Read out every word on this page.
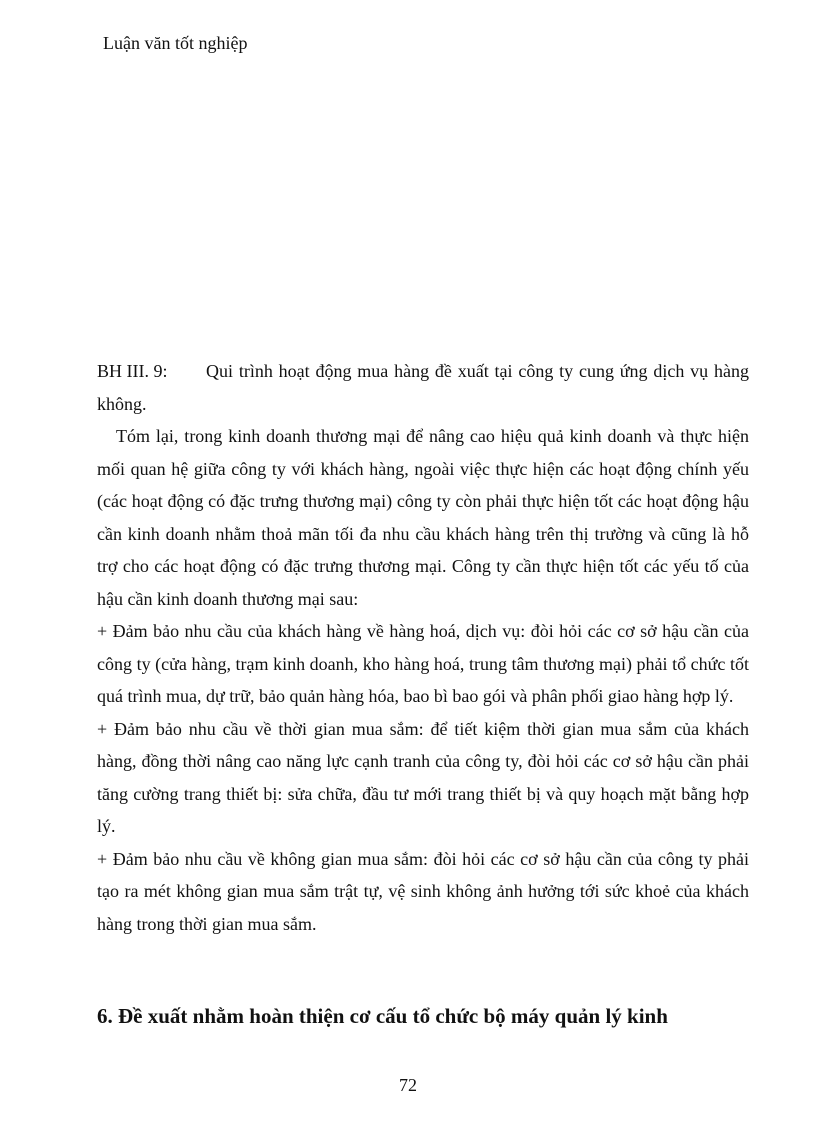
Luận văn tốt nghiệp

BH III. 9: Qui trình hoạt động mua hàng đề xuất tại công ty cung ứng dịch vụ hàng không.

Tóm lại, trong kinh doanh thương mại để nâng cao hiệu quả kinh doanh và thực hiện mối quan hệ giữa công ty với khách hàng, ngoài việc thực hiện các hoạt động chính yếu (các hoạt động có đặc trưng thương mại) công ty còn phải thực hiện tốt các hoạt động hậu cần kinh doanh nhằm thoả mãn tối đa nhu cầu khách hàng trên thị trường và cũng là hỗ trợ cho các hoạt động có đặc trưng thương mại. Công ty cần thực hiện tốt các yếu tố của hậu cần kinh doanh thương mại sau:

+ Đảm bảo nhu cầu của khách hàng về hàng hoá, dịch vụ: đòi hỏi các cơ sở hậu cần của công ty (cửa hàng, trạm kinh doanh, kho hàng hoá, trung tâm thương mại) phải tổ chức tốt quá trình mua, dự trữ, bảo quản hàng hóa, bao bì bao gói và phân phối giao hàng hợp lý.

+ Đảm bảo nhu cầu về thời gian mua sắm: để tiết kiệm thời gian mua sắm của khách hàng, đồng thời nâng cao năng lực cạnh tranh của công ty, đòi hỏi các cơ sở hậu cần phải tăng cường trang thiết bị: sửa chữa, đầu tư mới trang thiết bị và quy hoạch mặt bằng hợp lý.

+ Đảm bảo nhu cầu về không gian mua sắm: đòi hỏi các cơ sở hậu cần của công ty phải tạo ra mét không gian mua sắm trật tự, vệ sinh không ảnh hưởng tới sức khoẻ của khách hàng trong thời gian mua sắm.

6. Đề xuất nhằm hoàn thiện cơ cấu tổ chức bộ máy quản lý kinh
72
